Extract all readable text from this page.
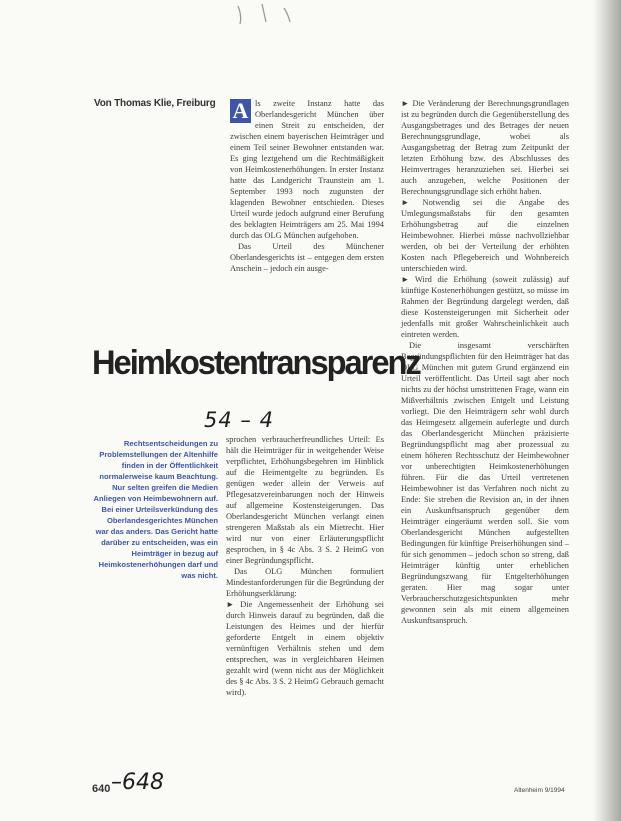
Von Thomas Klie, Freiburg A ls zweite Instanz hatte das Oberlandesgericht München über einen Streit zu entscheiden, der zwischen einem bayerischen Heimträger und einem Teil seiner Bewohner entstanden war. Es ging leztgehend um die Rechtmäßigkeit von Heimkostenerhöhungen. In erster Instanz hatte das Landgericht Traunstein am 1. September 1993 noch zugunsten der klagenden Bewohner entschieden. Dieses Urteil wurde jedoch aufgrund einer Berufung des beklagten Heimträgers am 25. Mai 1994 durch das OLG München aufgehoben.

Das Urteil des Münchener Oberlandesgerichts ist – entgegen dem ersten Anschein – jedoch ein ausge-

► Die Veränderung der Berechnungsgrundlagen ist zu begründen durch die Gegenüberstellung des Ausgangsbetrages und des Betrages der neuen Berechnungsgrundlage, wobei als Ausgangsbetrag der Betrag zum Zeitpunkt der letzten Erhöhung bzw. des Abschlusses des Heimvertrages heranzuziehen sei. Hierbei sei auch anzugeben, welche Positionen der Berechnungsgrundlage sich erhöht haben.

► Notwendig sei die Angabe des Umlegungsmaßstabs für den gesamten Erhöhungsbetrag auf die einzelnen Heimbewohner. Hierbei müsse nachvollziehbar werden, ob bei der Verteilung der erhöhten Kosten nach Pflegebereich und Wohnbereich unterschieden wird.

► Wird die Erhöhung (soweit zulässig) auf künftige Kostenerhöhungen gestützt, so müsse im Rahmen der Begründung dargelegt werden, daß diese Kostensteigerungen mit Sicherheit oder jedenfalls mit großer Wahrscheinlichkeit auch eintreten werden.

Die insgesamt verschärften Begründungspflichten für den Heimträger hat das OLG München mit gutem Grund ergänzend ein Urteil veröffentlicht. Das Urteil sagt aber noch nichts zu der höchst umstrittenen Frage, wann ein Mißverhältnis zwischen Entgelt und Leistung vorliegt. Die den Heimträgern sehr wohl durch das Heimgesetz allgemein auferlegte und durch das Oberlandesgericht München präzisierte Begründungspflicht mag aber prozessual zu einem höheren Rechtsschutz der Heimbewohner vor unberechtigten Heimkostenerhöhungen führen. Für die das Urteil vertretenen Heimbewohner ist das Verfahren noch nicht zu Ende: Sie streben die Revision an, in der ihnen ein Auskunftsanspruch gegenüber dem Heimträger eingeräumt werden soll. Sie vom Oberlandesgericht München aufgestellten Bedingungen für künftige Preiserhöhungen sind – für sich genommen – jedoch schon so streng, daß Heimträger künftig unter erheblichen Begründungszwang für Entgelterhöhungen geraten. Hier mag sogar unter Verbraucherschutzgesichtspunkten mehr gewonnen sein als mit einem allgemeinen Auskunftsanspruch.

Heimkostentransparenz
54 – 4
Rechtsentscheidungen zu Problemstellungen der Altenhilfe finden in der Öffentlichkeit normalerweise kaum Beachtung. Nur selten greifen die Medien Anliegen von Heimbewohnern auf. Bei einer Urteilsverkündung des Oberlandesgerichtes München war das anders. Das Gericht hatte darüber zu entscheiden, was ein Heimträger in bezug auf Heimkostenerhöhungen darf und was nicht.

sprochen verbraucherfreundliches Urteil: Es hält die Heimträger für in weitgehender Weise verpflichtet, Erhöhungsbegehren im Hinblick auf die Heimentgelte zu begründen. Es genügen weder allein der Verweis auf Pflegesatzvereinbarungen noch der Hinweis auf allgemeine Kostensteigerungen. Das Oberlandesgericht München verlangt einen strengeren Maßstab als ein Mietrecht. Hier wird nur von einer Erläuterungspflicht gesprochen, in § 4c Abs. 3 S. 2 HeimG von einer Begründungspflicht.

Das OLG München formuliert Mindestanforderungen für die Begründung der Erhöhungserklärung:

► Die Angemessenheit der Erhöhung sei durch Hinweis darauf zu begründen, daß die Leistungen des Heimes und der hierfür geforderte Entgelt in einem objektiv vernünftigen Verhältnis stehen und dem entsprechen, was in vergleichbaren Heimen gezahlt wird (wenn nicht aus der Möglichkeit des § 4c Abs. 3 S. 2 HeimG Gebrauch gemacht wird).

640 –648	Altenheim 9/1994
